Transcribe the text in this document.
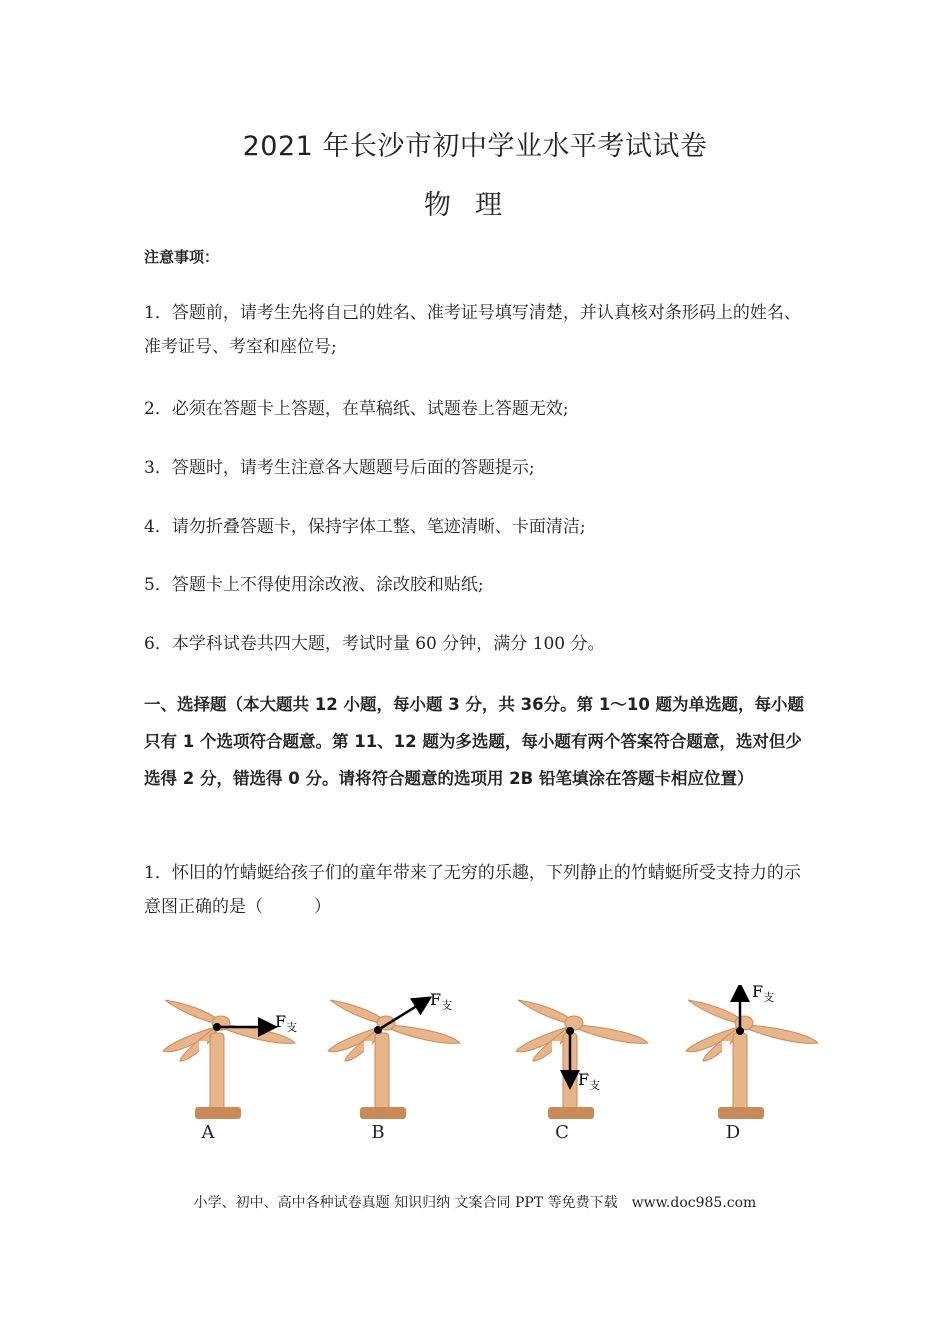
2021 年长沙市初中学业水平考试试卷
物理
注意事项：

1．答题前，请考生先将自己的姓名、准考证号填写清楚，并认真核对条形码上的姓名、准考证号、考室和座位号;

2．必须在答题卡上答题，在草稿纸、试题卷上答题无效;

3．答题时，请考生注意各大题题号后面的答题提示;

4．请勿折叠答题卡，保持字体工整、笔迹清晰、卡面清洁;

5．答题卡上不得使用涂改液、涂改胶和贴纸;

6．本学科试卷共四大题，考试时量 60 分钟，满分 100 分。

一、选择题（本大题共 12 小题，每小题 3 分，共 36分。第 1～10 题为单选题，每小题只有 1 个选项符合题意。第 11、12 题为多选题，每小题有两个答案符合题意，选对但少选得 2 分，错选得 0 分。请将符合题意的选项用 2B 铅笔填涂在答题卡相应位置）

1．怀旧的竹蜻蜓给孩子们的童年带来了无穷的乐趣，下列静止的竹蜻蜓所受支持力的示意图正确的是（　　　）

$F_支$
$F_支$
$F_支$
$F_支$
A	B	C	D
小学、初中、高中各种试卷真题 知识归纳 文案合同 PPT 等免费下载　www.doc985.com
